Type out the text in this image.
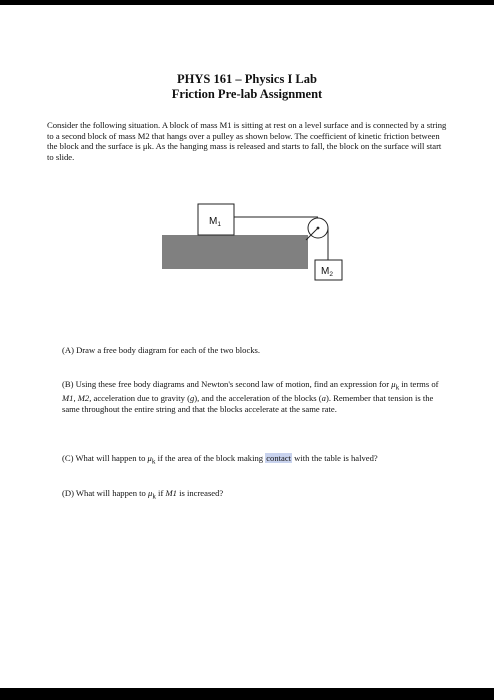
PHYS 161 – Physics I Lab
Friction Pre-lab Assignment
Consider the following situation. A block of mass M1 is sitting at rest on a level surface and is connected by a string to a second block of mass M2 that hangs over a pulley as shown below. The coefficient of kinetic friction between the block and the surface is μk. As the hanging mass is released and starts to fall, the block on the surface will start to slide.
$M_1$
$M_2$
(A) Draw a free body diagram for each of the two blocks.
(B) Using these free body diagrams and Newton's second law of motion, find an expression for $\mu_k$ in terms of M1, M2, acceleration due to gravity (g), and the acceleration of the blocks (a). Remember that tension is the same throughout the entire string and that the blocks accelerate at the same rate.
(C) What will happen to $\mu_k$ if the area of the block making contact with the table is halved?
(D) What will happen to $\mu_k$ if M1 is increased?
